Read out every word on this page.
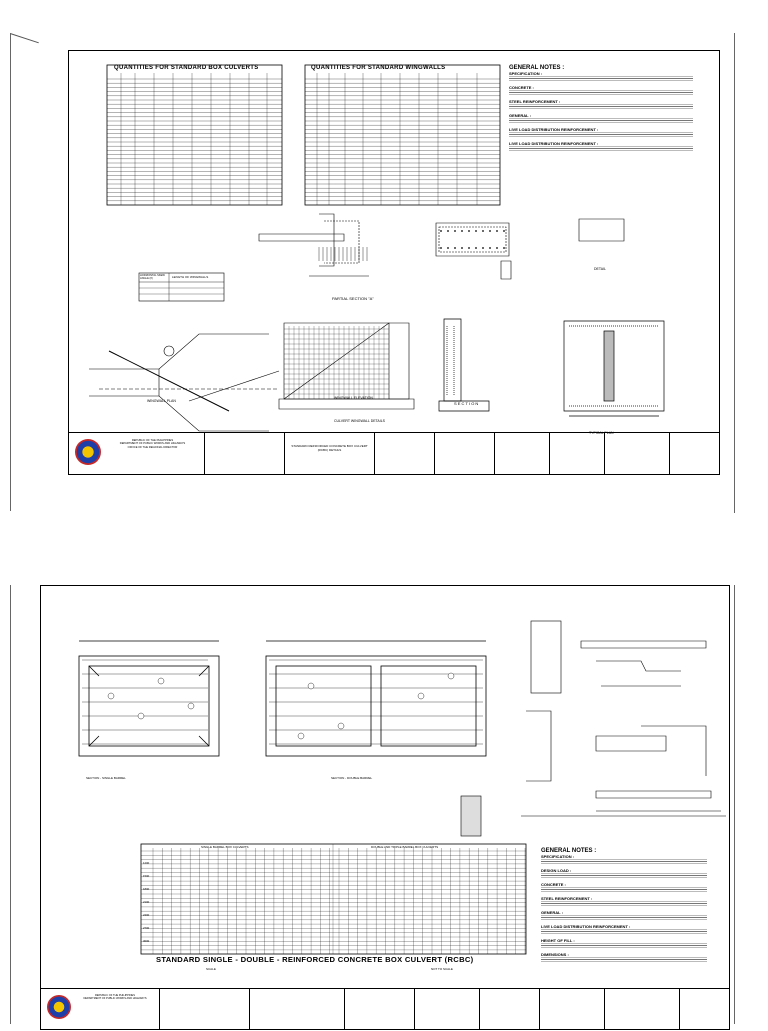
QUANTITIES FOR STANDARD BOX CULVERTS	QUANTITIES FOR STANDARD WINGWALLS	GENERAL NOTES :

SPECIFICATION :

CONCRETE :

STEEL REINFORCEMENT :

GENERAL :

LIVE LOAD DISTRIBUTION REINFORCEMENT :

LIVE LOAD DISTRIBUTION REINFORCEMENT :

HORIZONTAL SKEW ANGLE (θ)	LENGTH OF WINGWALLS
PARTIAL SECTION "A"
WINGWALL PLAN
WINGWALL ELEVATION
S E C T I O N
TYPICAL PLAN
DETAIL
CULVERT WINGWALL DETAILS
REPUBLIC OF THE PHILIPPINES
DEPARTMENT OF PUBLIC WORKS AND HIGHWAYS
OFFICE OF THE REGIONAL DIRECTOR	STANDARD REINFORCED CONCRETE BOX CULVERT (RCBC) DETAILS
SECTION - SINGLE BARREL	SECTION - DOUBLE BARREL
SINGLE BARREL BOX CULVERTS	DOUBLE AND TRIPLE BARREL BOX CULVERTS
1200
1500
1800
2100
2400
2700
3000
STANDARD SINGLE - DOUBLE - REINFORCED CONCRETE BOX CULVERT (RCBC)
SCALE	NOT TO SCALE
GENERAL NOTES :

SPECIFICATION :

DESIGN LOAD :

CONCRETE :

STEEL REINFORCEMENT :

GENERAL :

LIVE LOAD DISTRIBUTION REINFORCEMENT :

HEIGHT OF FILL :

DIMENSIONS :

REPUBLIC OF THE PHILIPPINES
DEPARTMENT OF PUBLIC WORKS AND HIGHWAYS
